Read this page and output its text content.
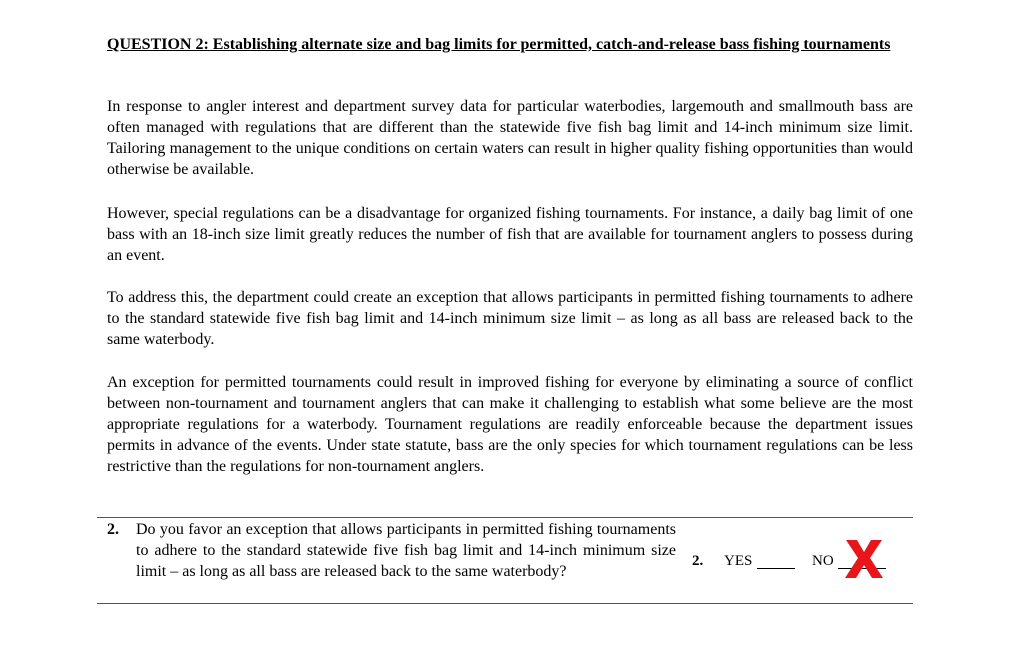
QUESTION 2: Establishing alternate size and bag limits for permitted, catch-and-release bass fishing tournaments

In response to angler interest and department survey data for particular waterbodies, largemouth and smallmouth bass are often managed with regulations that are different than the statewide five fish bag limit and 14-inch minimum size limit. Tailoring management to the unique conditions on certain waters can result in higher quality fishing opportunities than would otherwise be available.

However, special regulations can be a disadvantage for organized fishing tournaments. For instance, a daily bag limit of one bass with an 18-inch size limit greatly reduces the number of fish that are available for tournament anglers to possess during an event.

To address this, the department could create an exception that allows participants in permitted fishing tournaments to adhere to the standard statewide five fish bag limit and 14-inch minimum size limit – as long as all bass are released back to the same waterbody.

An exception for permitted tournaments could result in improved fishing for everyone by eliminating a source of conflict between non-tournament and tournament anglers that can make it challenging to establish what some believe are the most appropriate regulations for a waterbody. Tournament regulations are readily enforceable because the department issues permits in advance of the events. Under state statute, bass are the only species for which tournament regulations can be less restrictive than the regulations for non-tournament anglers.

2. Do you favor an exception that allows participants in permitted fishing tournaments to adhere to the standard statewide five fish bag limit and 14-inch minimum size limit – as long as all bass are released back to the same waterbody?
2. YES	NO
